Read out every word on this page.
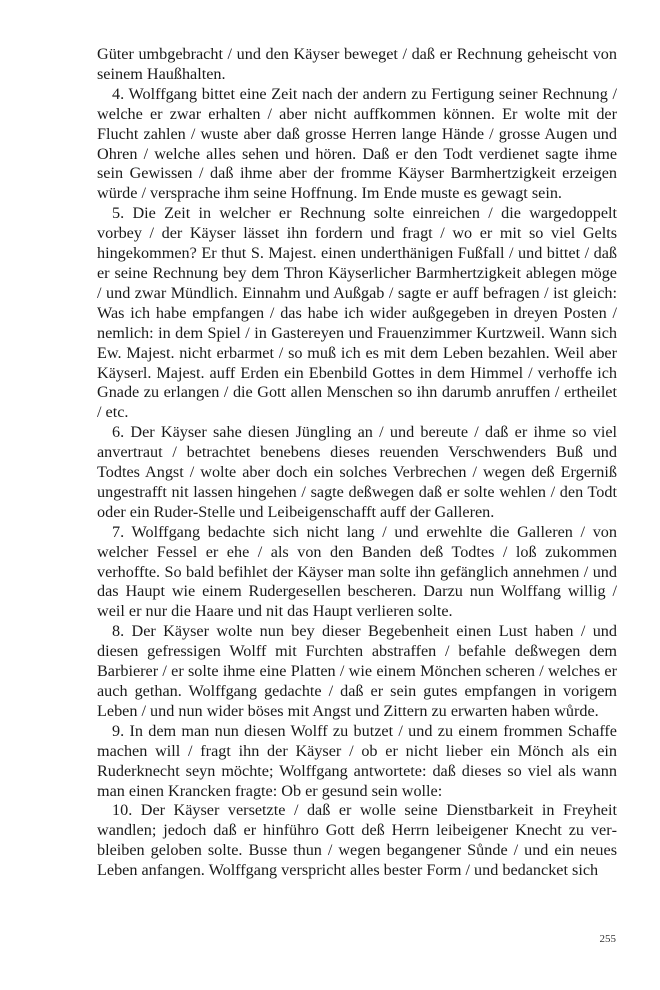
Güter umbgebracht / und den Käyser beweget / daß er Rechnung geheischt von seinem Haußhalten.

4. Wolffgang bittet eine Zeit nach der andern zu Fertigung seiner Rechnung / welche er zwar erhalten / aber nicht auffkommen können. Er wolte mit der Flucht zahlen / wuste aber daß grosse Herren lange Hände / grosse Augen und Ohren / welche alles sehen und hören. Daß er den Todt verdienet sagte ihme sein Gewissen / daß ihme aber der fromme Käyser Barmhertzigkeit erzeigen würde / versprache ihm seine Hoffnung. Im Ende muste es gewagt sein.

5. Die Zeit in welcher er Rechnung solte einreichen / die wargedoppelt vorbey / der Käyser lässet ihn fordern und fragt / wo er mit so viel Gelts hingekommen? Er thut S. Majest. einen underthänigen Fußfall / und bittet / daß er seine Rechnung bey dem Thron Käyserlicher Barmhertzigkeit ablegen möge / und zwar Mündlich. Einnahm und Außgab / sagte er auff befragen / ist gleich: Was ich habe empfangen / das habe ich wider außgegeben in dreyen Posten / nemlich: in dem Spiel / in Gastereyen und Frauenzimmer Kurtzweil. Wann sich Ew. Majest. nicht erbarmet / so muß ich es mit dem Leben bezahlen. Weil aber Käyserl. Majest. auff Erden ein Ebenbild Gottes in dem Himmel / verhoffe ich Gnade zu erlangen / die Gott allen Menschen so ihn darumb anruffen / ertheilet / etc.

6. Der Käyser sahe diesen Jüngling an / und bereute / daß er ihme so viel anvertraut / betrachtet benebens dieses reuenden Verschwenders Buß und Todtes Angst / wolte aber doch ein solches Verbrechen / wegen deß Ergerniß ungestrafft nit lassen hingehen / sagte deßwegen daß er solte wehlen / den Todt oder ein Ruder-Stelle und Leibeigenschafft auff der Galleren.

7. Wolffgang bedachte sich nicht lang / und erwehlte die Galleren / von welcher Fessel er ehe / als von den Banden deß Todtes / loß zukommen verhoffte. So bald befihlet der Käyser man solte ihn gefänglich annehmen / und das Haupt wie einem Rudergesellen bescheren. Darzu nun Wolffang willig / weil er nur die Haare und nit das Haupt verlieren solte.

8. Der Käyser wolte nun bey dieser Begebenheit einen Lust haben / und diesen gefressigen Wolff mit Furchten abstraffen / befahle deßwegen dem Barbierer / er solte ihme eine Platten / wie einem Mönchen scheren / welches er auch gethan. Wolffgang gedachte / daß er sein gutes empfangen in vorigem Leben / und nun wider böses mit Angst und Zittern zu erwarten haben wůrde.

9. In dem man nun diesen Wolff zu butzet / und zu einem frommen Schaffe machen will / fragt ihn der Käyser / ob er nicht lieber ein Mönch als ein Ruderknecht seyn möchte; Wolffgang antwortete: daß dieses so viel als wann man einen Krancken fragte: Ob er gesund sein wolle:

10. Der Käyser versetzte / daß er wolle seine Dienstbarkeit in Freyheit wandlen; jedoch daß er hinführo Gott deß Herrn leibeigener Knecht zu verbleiben geloben solte. Busse thun / wegen begangener Sůnde / und ein neues Leben anfangen. Wolffgang verspricht alles bester Form / und bedancket sich

255
